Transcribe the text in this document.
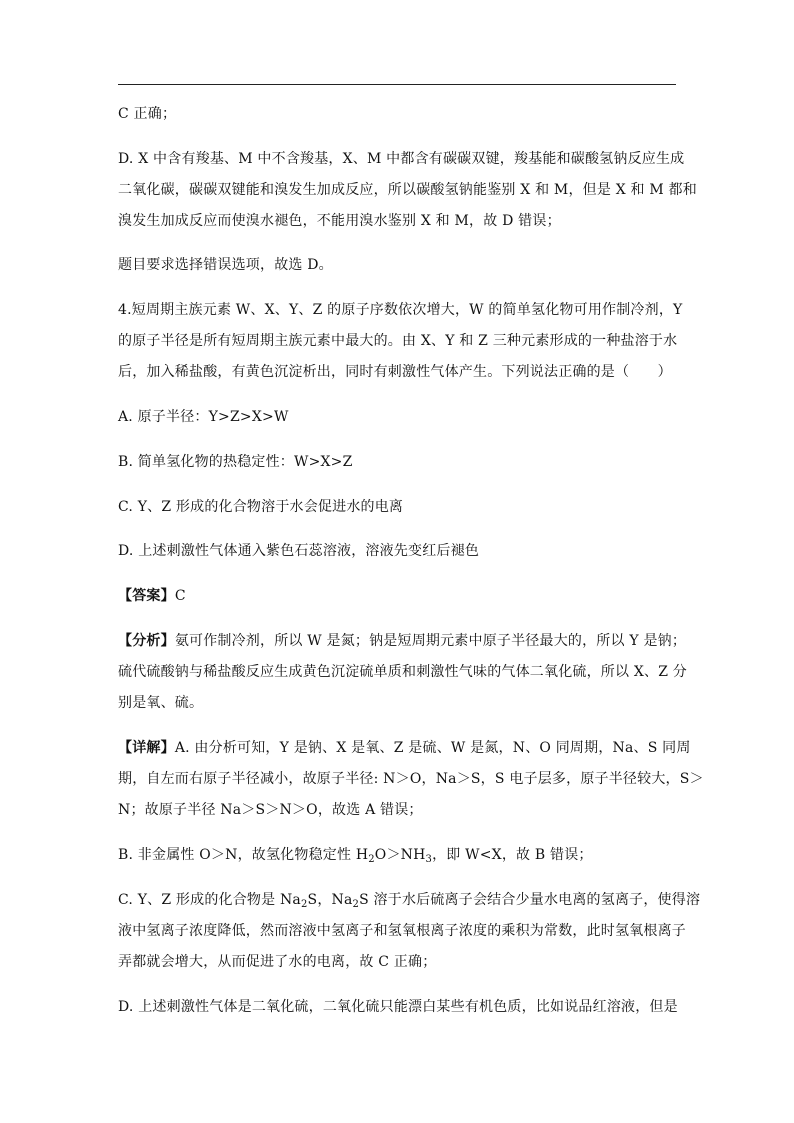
C 正确；
D. X 中含有羧基、M 中不含羧基，X、M 中都含有碳碳双键，羧基能和碳酸氢钠反应生成
二氧化碳，碳碳双键能和溴发生加成反应，所以碳酸氢钠能鉴别 X 和 M，但是 X 和 M 都和
溴发生加成反应而使溴水褪色，不能用溴水鉴别 X 和 M，故 D 错误；
题目要求选择错误选项，故选 D。
4.短周期主族元素 W、X、Y、Z 的原子序数依次增大，W 的简单氢化物可用作制冷剂，Y
的原子半径是所有短周期主族元素中最大的。由 X、Y 和 Z 三种元素形成的一种盐溶于水
后，加入稀盐酸，有黄色沉淀析出，同时有刺激性气体产生。下列说法正确的是（　　）
A. 原子半径：Y>Z>X>W
B. 简单氢化物的热稳定性：W>X>Z
C. Y、Z 形成的化合物溶于水会促进水的电离
D. 上述刺激性气体通入紫色石蕊溶液，溶液先变红后褪色
【答案】C
【分析】氨可作制冷剂，所以 W 是氮；钠是短周期元素中原子半径最大的，所以 Y 是钠；
硫代硫酸钠与稀盐酸反应生成黄色沉淀硫单质和刺激性气味的气体二氧化硫，所以 X、Z 分
别是氧、硫。
【详解】A. 由分析可知，Y 是钠、X 是氧、Z 是硫、W 是氮，N、O 同周期，Na、S 同周
期，自左而右原子半径减小，故原子半径: N＞O，Na＞S，S 电子层多，原子半径较大，S＞
N；故原子半径 Na＞S＞N＞O，故选 A 错误；
B. 非金属性 O＞N，故氢化物稳定性 $H_2O>NH_3$，即 W<X，故 B 错误；
C. Y、Z 形成的化合物是 $Na_2S$，$Na_2S$ 溶于水后硫离子会结合少量水电离的氢离子，使得溶
液中氢离子浓度降低，然而溶液中氢离子和氢氧根离子浓度的乘积为常数，此时氢氧根离子
弄都就会增大，从而促进了水的电离，故 C 正确；
D. 上述刺激性气体是二氧化硫，二氧化硫只能漂白某些有机色质，比如说品红溶液，但是
